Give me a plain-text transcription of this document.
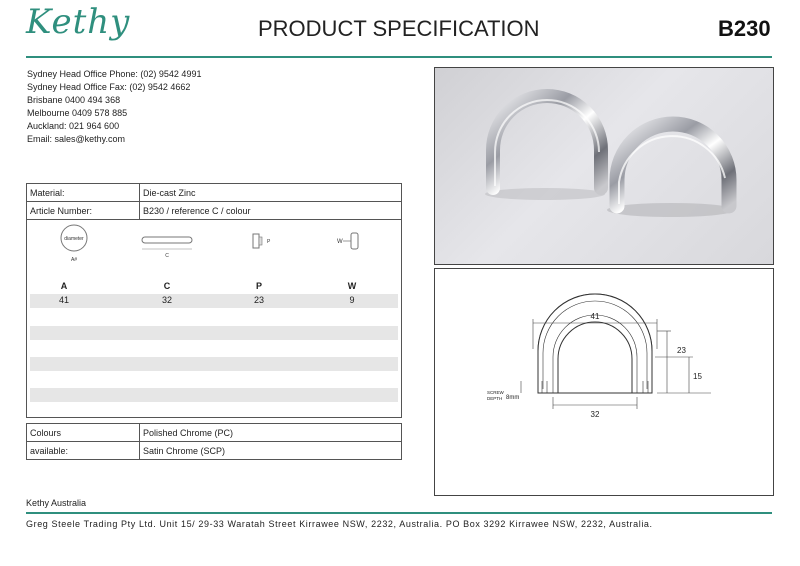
Kethy	PRODUCT SPECIFICATION	B230
Sydney Head Office Phone: (02) 9542 4991
Sydney Head Office Fax: (02) 9542 4662
Brisbane 0400 494 368
Melbourne 0409 578 885
Auckland: 021 964 600
Email: sales@kethy.com
Material:	Die-cast Zinc
Article Number:	B230 / reference C / colour
diameter
A#
C
P	W
A	C	P	W
41	32	23	9
Colours	Polished Chrome (PC)
available:	Satin Chrome (SCP)
41
32
23
15
SCREW
DEPTH 8mm
Kethy Australia
Greg Steele Trading Pty Ltd. Unit 15/ 29-33 Waratah Street Kirrawee NSW, 2232, Australia. PO Box 3292 Kirrawee NSW, 2232, Australia.
